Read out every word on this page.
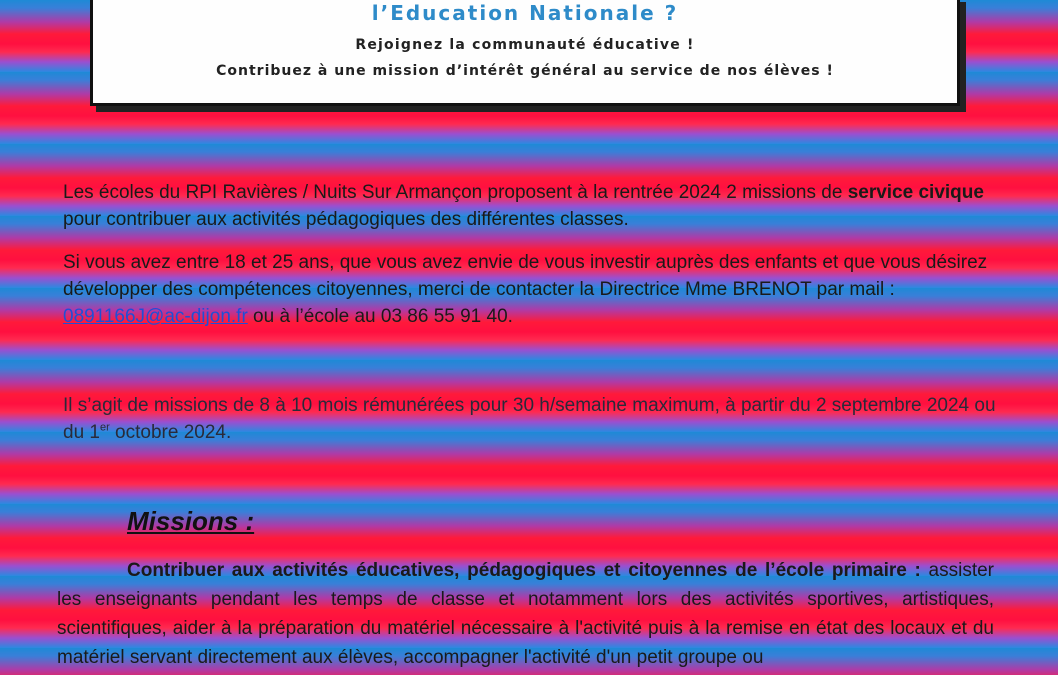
l’Education Nationale ?
Rejoignez la communauté éducative !
Contribuez à une mission d’intérêt général au service de nos élèves !
Les écoles du RPI Ravières / Nuits Sur Armançon proposent à la rentrée 2024 2 missions de service civique pour contribuer aux activités pédagogiques des différentes classes.
Si vous avez entre 18 et 25 ans, que vous avez envie de vous investir auprès des enfants et que vous désirez développer des compétences citoyennes, merci de contacter la Directrice Mme BRENOT par mail : 0891166J@ac-dijon.fr ou à l’école au 03 86 55 91 40.
Il s’agit de missions de 8 à 10 mois rémunérées pour 30 h/semaine maximum, à partir du 2 septembre 2024 ou du 1er octobre 2024.
Missions :
Contribuer aux activités éducatives, pédagogiques et citoyennes de l’école primaire : assister les enseignants pendant les temps de classe et notamment lors des activités sportives, artistiques, scientifiques, aider à la préparation du matériel nécessaire à l'activité puis à la remise en état des locaux et du matériel servant directement aux élèves, accompagner l'activité d'un petit groupe ou
